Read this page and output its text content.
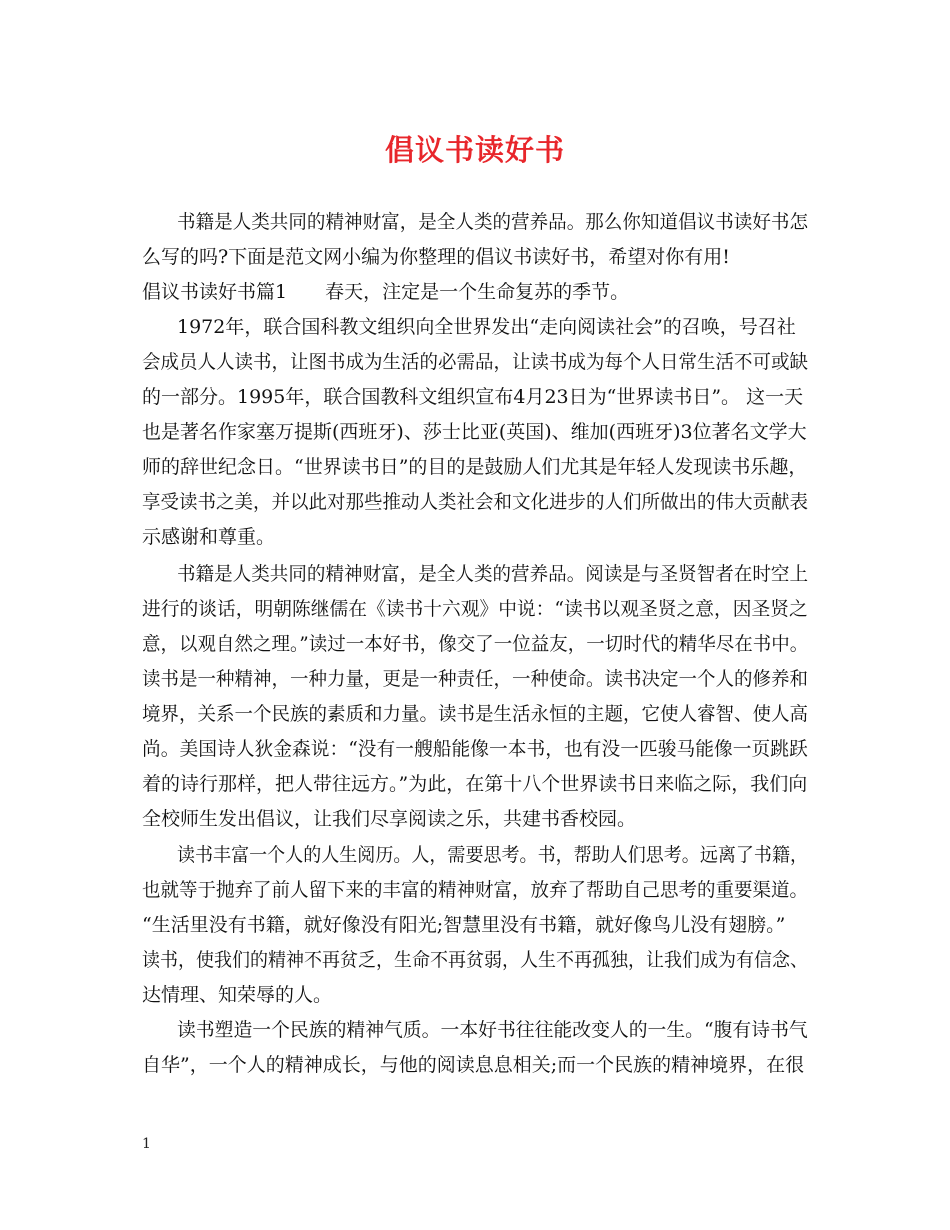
倡议书读好书
书籍是人类共同的精神财富，是全人类的营养品。那么你知道倡议书读好书怎
么写的吗?下面是范文网小编为你整理的倡议书读好书，希望对你有用!
倡议书读好书篇1　　春天，注定是一个生命复苏的季节。
1972年，联合国科教文组织向全世界发出“走向阅读社会”的召唤，号召社
会成员人人读书，让图书成为生活的必需品，让读书成为每个人日常生活不可或缺
的一部分。1995年，联合国教科文组织宣布4月23日为“世界读书日”。 这一天
也是著名作家塞万提斯(西班牙)、莎士比亚(英国)、维加(西班牙)3位著名文学大
师的辞世纪念日。“世界读书日”的目的是鼓励人们尤其是年轻人发现读书乐趣，
享受读书之美，并以此对那些推动人类社会和文化进步的人们所做出的伟大贡献表
示感谢和尊重。
书籍是人类共同的精神财富，是全人类的营养品。阅读是与圣贤智者在时空上
进行的谈话，明朝陈继儒在《读书十六观》中说：“读书以观圣贤之意，因圣贤之
意，以观自然之理。”读过一本好书，像交了一位益友，一切时代的精华尽在书中。
读书是一种精神，一种力量，更是一种责任，一种使命。读书决定一个人的修养和
境界，关系一个民族的素质和力量。读书是生活永恒的主题，它使人睿智、使人高
尚。美国诗人狄金森说：“没有一艘船能像一本书，也有没一匹骏马能像一页跳跃
着的诗行那样，把人带往远方。”为此，在第十八个世界读书日来临之际，我们向
全校师生发出倡议，让我们尽享阅读之乐，共建书香校园。
读书丰富一个人的人生阅历。人，需要思考。书，帮助人们思考。远离了书籍，
也就等于抛弃了前人留下来的丰富的精神财富，放弃了帮助自己思考的重要渠道。
“生活里没有书籍，就好像没有阳光;智慧里没有书籍，就好像鸟儿没有翅膀。”
读书，使我们的精神不再贫乏，生命不再贫弱，人生不再孤独，让我们成为有信念、
达情理、知荣辱的人。
读书塑造一个民族的精神气质。一本好书往往能改变人的一生。“腹有诗书气
自华”，一个人的精神成长，与他的阅读息息相关;而一个民族的精神境界，在很
1
